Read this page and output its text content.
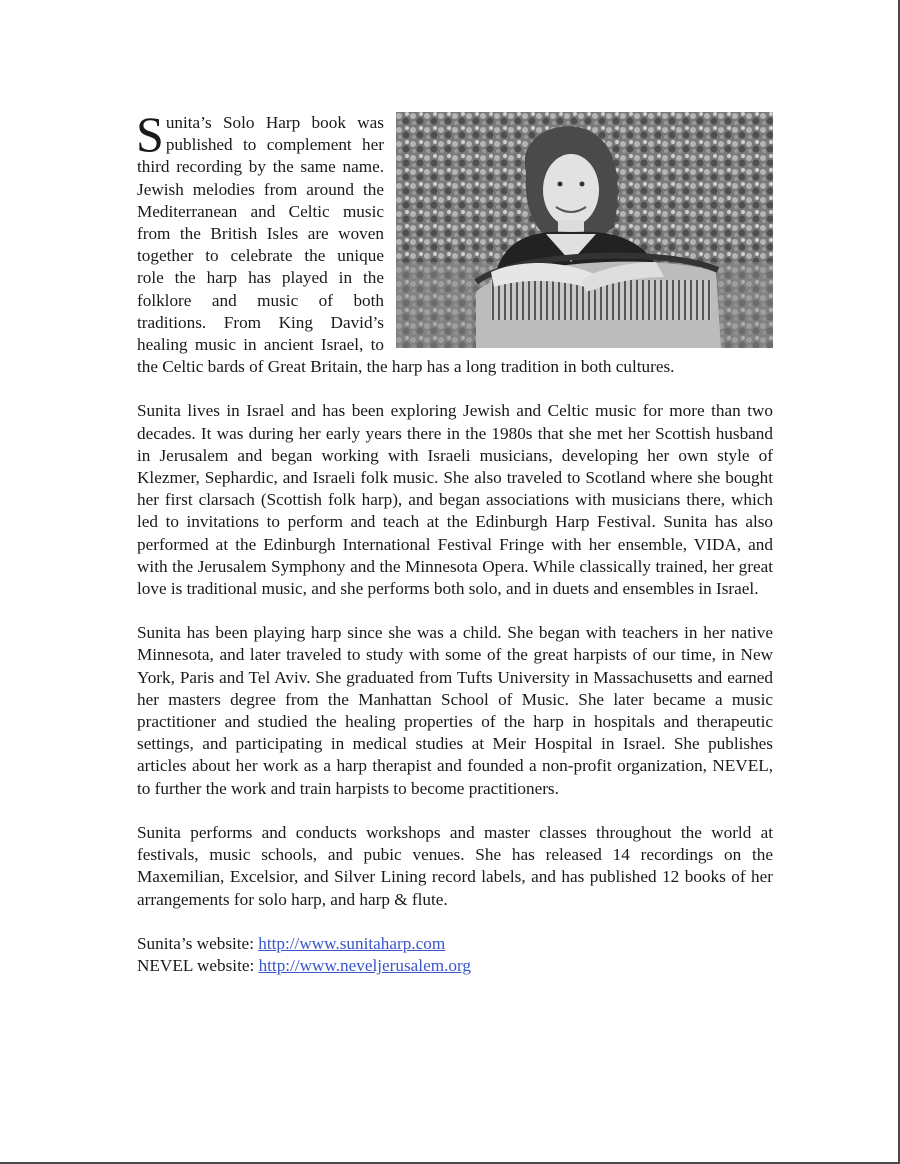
Sunita’s Solo Harp book was published to complement her third recording by the same name. Jewish melodies from around the Mediterranean and Celtic music from the British Isles are woven together to celebrate the unique role the harp has played in the folklore and music of both traditions. From King David’s healing music in ancient Israel, to the Celtic bards of Great Britain, the harp has a long tradition in both cultures.

Sunita lives in Israel and has been exploring Jewish and Celtic music for more than two decades. It was during her early years there in the 1980s that she met her Scottish husband in Jerusalem and began working with Israeli musicians, developing her own style of Klezmer, Sephardic, and Israeli folk music. She also traveled to Scotland where she bought her first clarsach (Scottish folk harp), and began associations with musicians there, which led to invitations to perform and teach at the Edinburgh Harp Festival. Sunita has also performed at the Edinburgh International Festival Fringe with her ensemble, VIDA, and with the Jerusalem Symphony and the Minnesota Opera. While classically trained, her great love is traditional music, and she performs both solo, and in duets and ensembles in Israel.

Sunita has been playing harp since she was a child. She began with teachers in her native Minnesota, and later traveled to study with some of the great harpists of our time, in New York, Paris and Tel Aviv. She graduated from Tufts University in Massachusetts and earned her masters degree from the Manhattan School of Music. She later became a music practitioner and studied the healing properties of the harp in hospitals and therapeutic settings, and participating in medical studies at Meir Hospital in Israel. She publishes articles about her work as a harp therapist and founded a non-profit organization, NEVEL, to further the work and train harpists to become practitioners.

Sunita performs and conducts workshops and master classes throughout the world at festivals, music schools, and pubic venues. She has released 14 recordings on the Maxemilian, Excelsior, and Silver Lining record labels, and has published 12 books of her arrangements for solo harp, and harp & flute.

Sunita’s website: http://www.sunitaharp.com

NEVEL website: http://www.neveljerusalem.org
